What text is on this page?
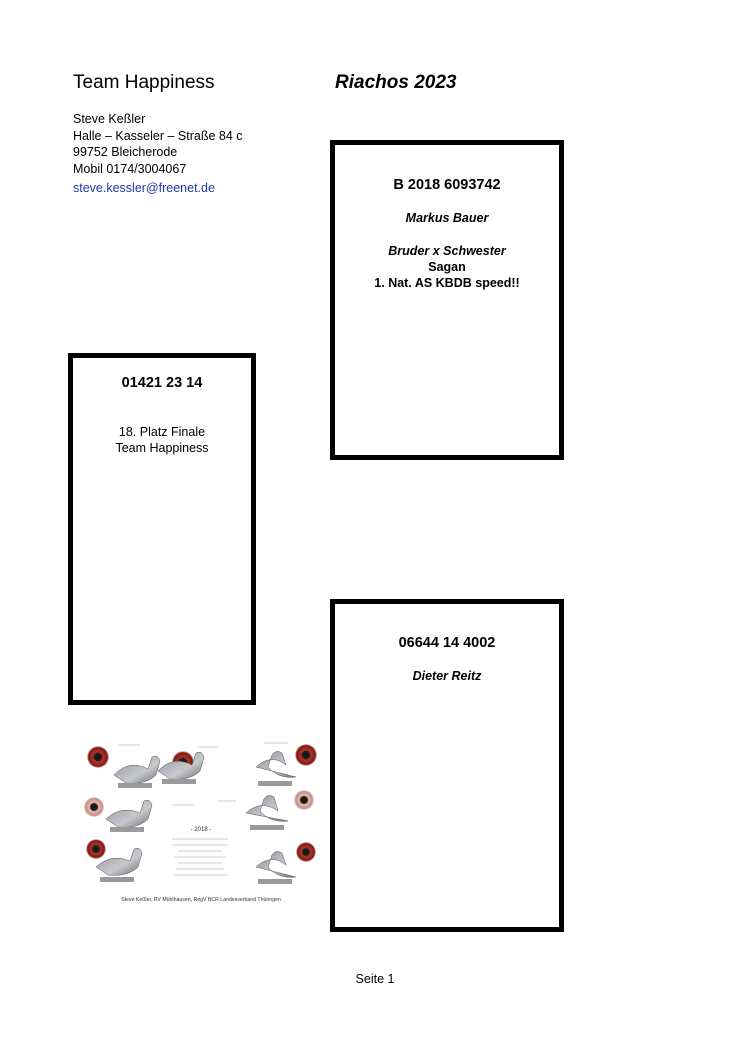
Team Happiness	Riachos 2023
Steve Keßler
Halle – Kasseler – Straße 84 c
99752 Bleicherode
Mobil 0174/3004067
steve.kessler@freenet.de	B 2018 6093742
Markus Bauer
Bruder x Schwester
Sagan
1. Nat. AS KBDB speed!!
01421 23 14
18. Platz Finale
Team Happiness
06644 14 4002
Dieter Reitz
- 2018 -
Steve Keßler, RV Mühlhausen, RegV BCR Landesverband Thüringen
Seite 1
